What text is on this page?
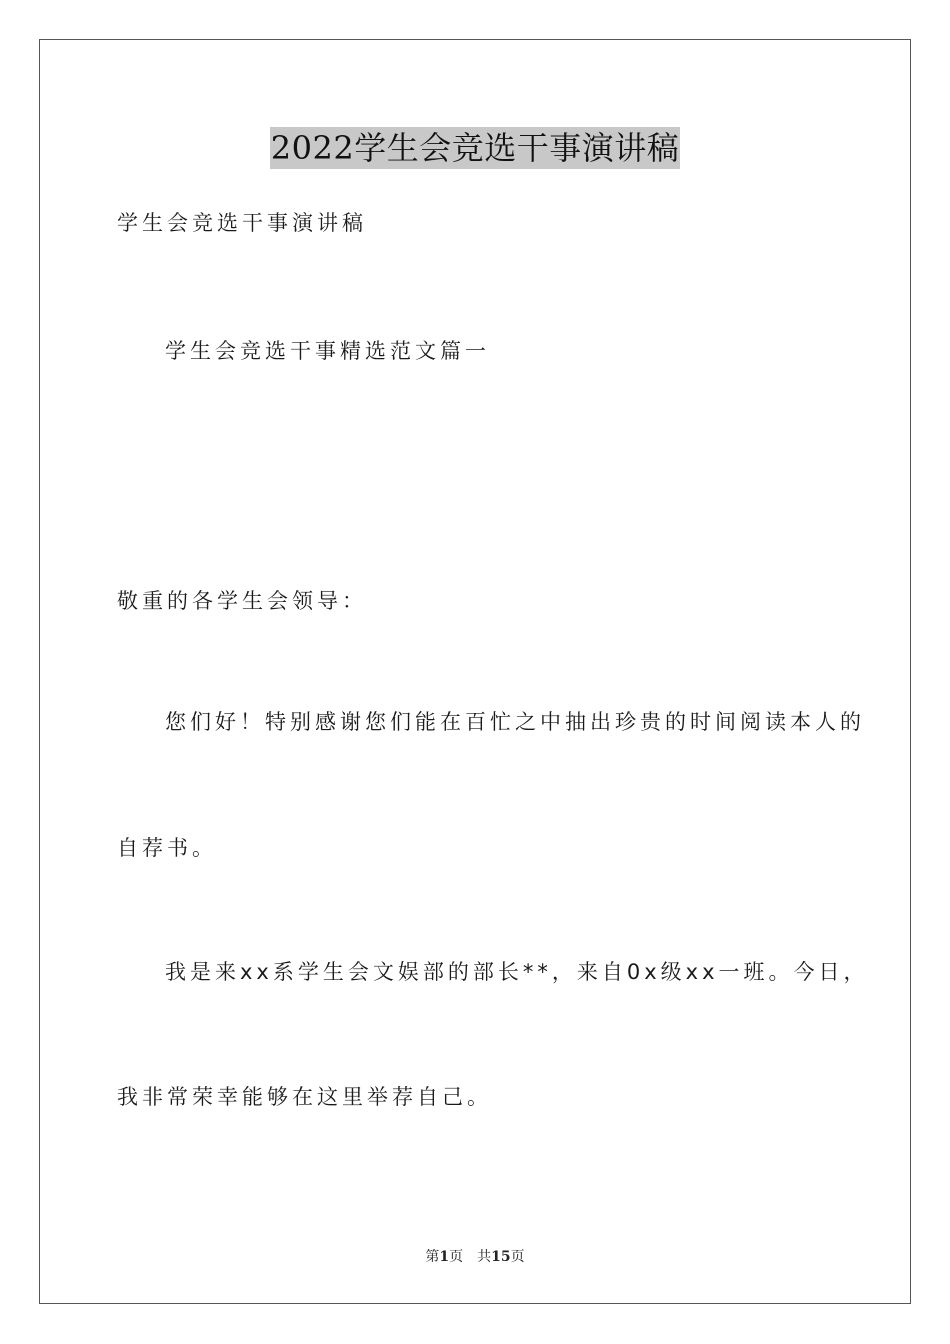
2022学生会竞选干事演讲稿
学生会竞选干事演讲稿
学生会竞选干事精选范文篇一
敬重的各学生会领导：
您们好！特别感谢您们能在百忙之中抽出珍贵的时间阅读本人的
自荐书。
我是来xx系学生会文娱部的部长**，来自0x级xx一班。今日，
我非常荣幸能够在这里举荐自己。
第1页 共15页
